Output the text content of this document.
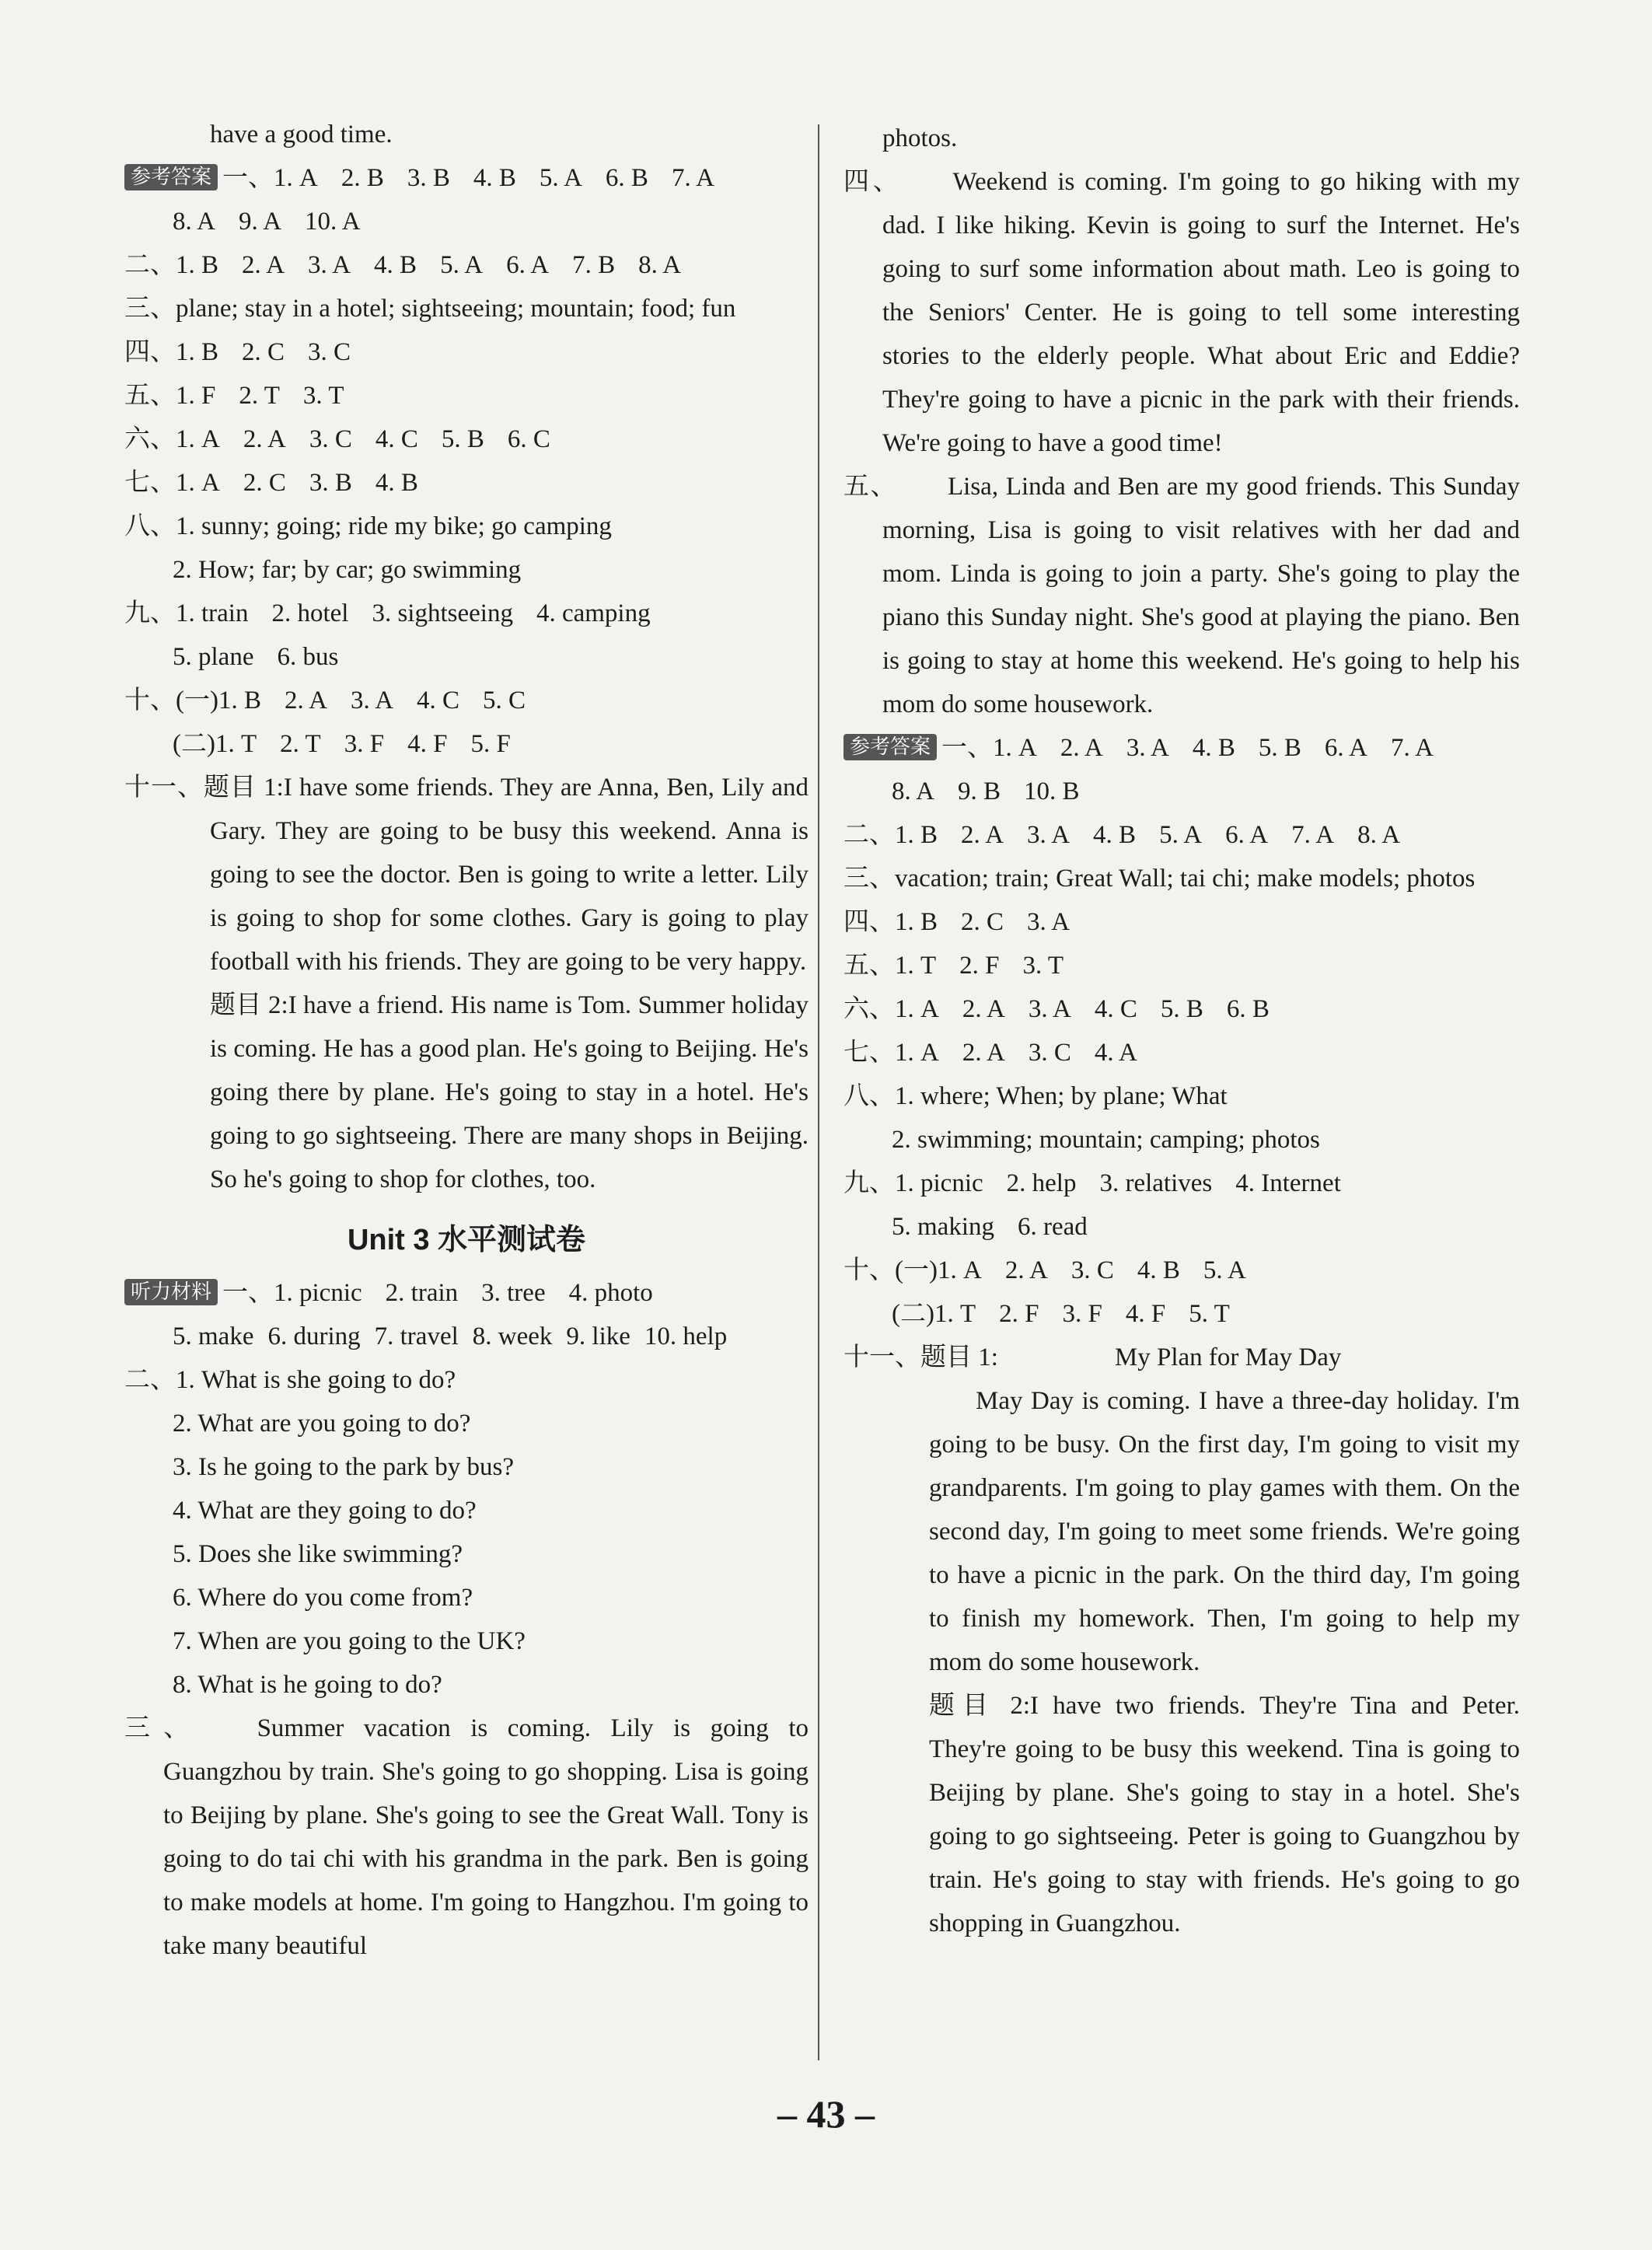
have a good time.
参考答案 一、1. A 2. B 3. B 4. B 5. A 6. B 7. A
8. A 9. A 10. A
二、1. B 2. A 3. A 4. B 5. A 6. A 7. B 8. A
三、plane; stay in a hotel; sightseeing; mountain; food; fun
四、1. B 2. C 3. C
五、1. F 2. T 3. T
六、1. A 2. A 3. C 4. C 5. B 6. C
七、1. A 2. C 3. B 4. B
八、1. sunny; going; ride my bike; go camping
2. How; far; by car; go swimming
九、1. train 2. hotel 3. sightseeing 4. camping
5. plane 6. bus
十、(一)1. B 2. A 3. A 4. C 5. C
(二)1. T 2. T 3. F 4. F 5. F
十一、题目 1:I have some friends. They are Anna, Ben, Lily and Gary. They are going to be busy this weekend. Anna is going to see the doctor. Ben is going to write a letter. Lily is going to shop for some clothes. Gary is going to play football with his friends. They are going to be very happy.
题目 2:I have a friend. His name is Tom. Summer holiday is coming. He has a good plan. He's going to Beijing. He's going there by plane. He's going to stay in a hotel. He's going to go sightseeing. There are many shops in Beijing. So he's going to shop for clothes, too.
Unit 3 水平测试卷
听力材料 一、1. picnic 2. train 3. tree 4. photo
5. make 6. during 7. travel 8. week 9. like 10. help
二、1. What is she going to do?
2. What are you going to do?
3. Is he going to the park by bus?
4. What are they going to do?
5. Does she like swimming?
6. Where do you come from?
7. When are you going to the UK?
8. What is he going to do?
三、 Summer vacation is coming. Lily is going to Guangzhou by train. She's going to go shopping. Lisa is going to Beijing by plane. She's going to see the Great Wall. Tony is going to do tai chi with his grandma in the park. Ben is going to make models at home. I'm going to Hangzhou. I'm going to take many beautiful
photos.
四、 Weekend is coming. I'm going to go hiking with my dad. I like hiking. Kevin is going to surf the Internet. He's going to surf some information about math. Leo is going to the Seniors' Center. He is going to tell some interesting stories to the elderly people. What about Eric and Eddie? They're going to have a picnic in the park with their friends. We're going to have a good time!
五、 Lisa, Linda and Ben are my good friends. This Sunday morning, Lisa is going to visit relatives with her dad and mom. Linda is going to join a party. She's going to play the piano this Sunday night. She's good at playing the piano. Ben is going to stay at home this weekend. He's going to help his mom do some housework.
参考答案 一、1. A 2. A 3. A 4. B 5. B 6. A 7. A
8. A 9. B 10. B
二、1. B 2. A 3. A 4. B 5. A 6. A 7. A 8. A
三、vacation; train; Great Wall; tai chi; make models; photos
四、1. B 2. C 3. A
五、1. T 2. F 3. T
六、1. A 2. A 3. A 4. C 5. B 6. B
七、1. A 2. A 3. C 4. A
八、1. where; When; by plane; What
2. swimming; mountain; camping; photos
九、1. picnic 2. help 3. relatives 4. Internet
5. making 6. read
十、(一)1. A 2. A 3. C 4. B 5. A
(二)1. T 2. F 3. F 4. F 5. T
十一、题目 1:	My Plan for May Day
May Day is coming. I have a three-day holiday. I'm going to be busy. On the first day, I'm going to visit my grandparents. I'm going to play games with them. On the second day, I'm going to meet some friends. We're going to have a picnic in the park. On the third day, I'm going to finish my homework. Then, I'm going to help my mom do some housework.
题目 2:I have two friends. They're Tina and Peter. They're going to be busy this weekend. Tina is going to Beijing by plane. She's going to stay in a hotel. She's going to go sightseeing. Peter is going to Guangzhou by train. He's going to stay with friends. He's going to go shopping in Guangzhou.
– 43 –
